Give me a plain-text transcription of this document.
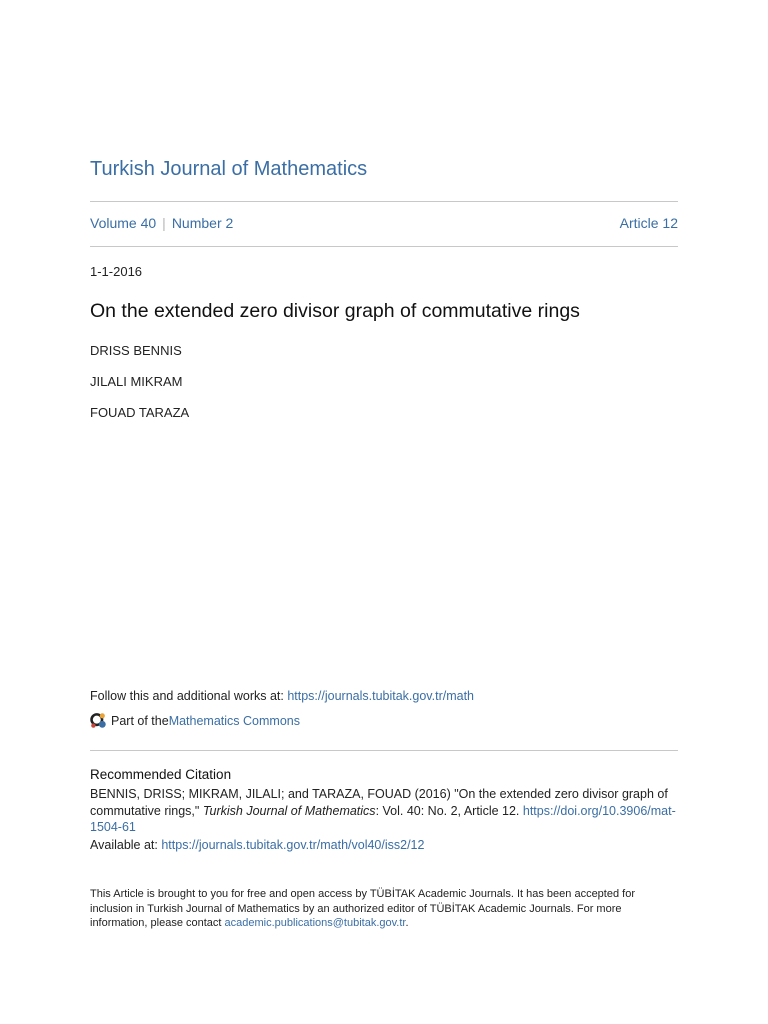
Turkish Journal of Mathematics
Volume 40 | Number 2	Article 12
1-1-2016
On the extended zero divisor graph of commutative rings
DRISS BENNIS
JILALI MIKRAM
FOUAD TARAZA
Follow this and additional works at: https://journals.tubitak.gov.tr/math
Part of the Mathematics Commons
Recommended Citation
BENNIS, DRISS; MIKRAM, JILALI; and TARAZA, FOUAD (2016) "On the extended zero divisor graph of commutative rings," Turkish Journal of Mathematics: Vol. 40: No. 2, Article 12. https://doi.org/10.3906/mat-1504-61
Available at: https://journals.tubitak.gov.tr/math/vol40/iss2/12
This Article is brought to you for free and open access by TÜBİTAK Academic Journals. It has been accepted for inclusion in Turkish Journal of Mathematics by an authorized editor of TÜBİTAK Academic Journals. For more information, please contact academic.publications@tubitak.gov.tr.
